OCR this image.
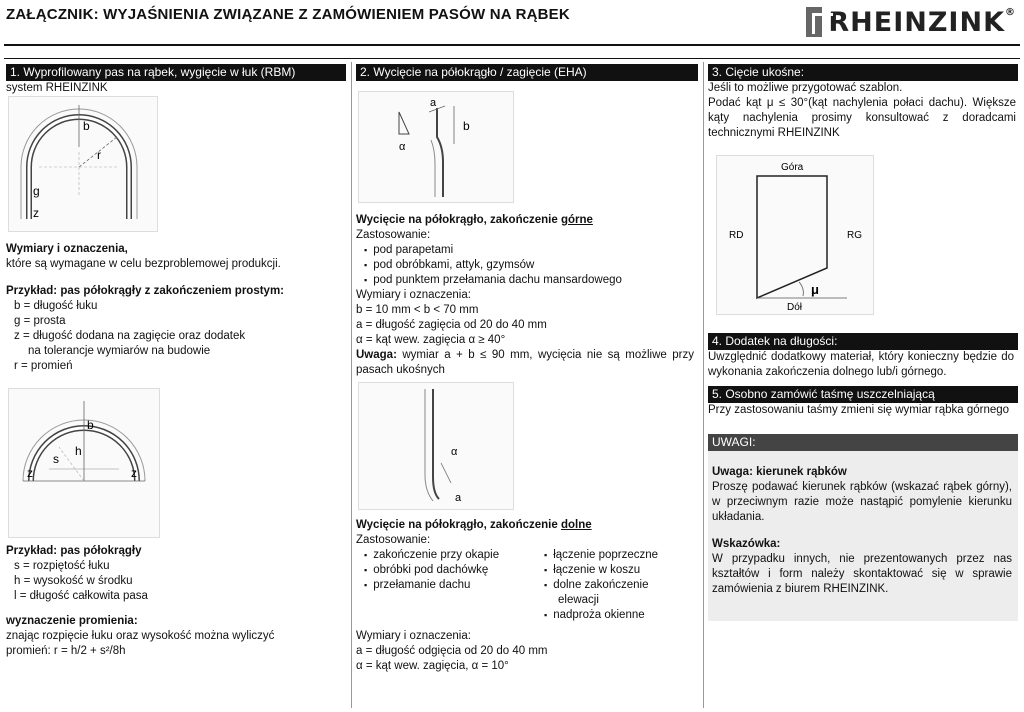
ZAŁĄCZNIK: WYJAŚNIENIA ZWIĄZANE Z ZAMÓWIENIEM PASÓW NA RĄBEK	RHEINZINK®
1. Wyprofilowany pas na rąbek, wygięcie w łuk (RBM)
system RHEINZINK
b
r
g
z
Wymiary i oznaczenia,
które są wymagane w celu bezproblemowej produkcji.
Przykład: pas półokrągły z zakończeniem prostym:
b = długość łuku
g = prosta
z = długość dodana na zagięcie oraz dodatek
na tolerancje wymiarów na budowie
r = promień
b
s
h
z	z
Przykład: pas półokrągły
s = rozpiętość łuku
h = wysokość w środku
l = długość całkowita pasa
wyznaczenie promienia:
znając rozpięcie łuku oraz wysokość można wyliczyć
promień: r = h/2 + s²/8h
2. Wycięcie na półokrągło / zagięcie (EHA)
α
a
b
Wycięcie na półokrągło, zakończenie górne
Zastosowanie:
▪ pod parapetami
▪ pod obróbkami, attyk, gzymsów
▪ pod punktem przełamania dachu mansardowego
Wymiary i oznaczenia:
b = 10 mm < b < 70 mm
a = długość zagięcia od 20 do 40 mm
α = kąt wew. zagięcia α ≥ 40°
Uwaga: wymiar a + b ≤ 90 mm, wycięcia nie są możliwe przy pasach ukośnych
α
a
Wycięcie na półokrągło, zakończenie dolne
Zastosowanie:
▪ zakończenie przy okapie
▪ obróbki pod dachówkę
▪ przełamanie dachu
▪ łączenie poprzeczne
▪ łączenie w koszu
▪ dolne zakończenie
elewacji
▪ nadproża okienne
Wymiary i oznaczenia:
a = długość odgięcia od 20 do 40 mm
α = kąt wew. zagięcia, α = 10°
3. Cięcie ukośne:
Jeśli to możliwe przygotować szablon.
Podać kąt μ ≤ 30°(kąt nachylenia połaci dachu). Większe kąty nachylenia prosimy konsultować z doradcami technicznymi RHEINZINK
Góra
RD	RG
Dół
μ
4. Dodatek na długości:
Uwzględnić dodatkowy materiał, który konieczny będzie do wykonania zakończenia dolnego lub/i górnego.
5. Osobno zamówić taśmę uszczelniającą
Przy zastosowaniu taśmy zmieni się wymiar rąbka górnego
UWAGI:
Uwaga: kierunek rąbków
Proszę podawać kierunek rąbków (wskazać rąbek górny), w przeciwnym razie może nastąpić pomylenie kierunku układania.
Wskazówka:
W przypadku innych, nie prezentowanych przez nas kształtów i form należy skontaktować się w sprawie zamówienia z biurem RHEINZINK.
